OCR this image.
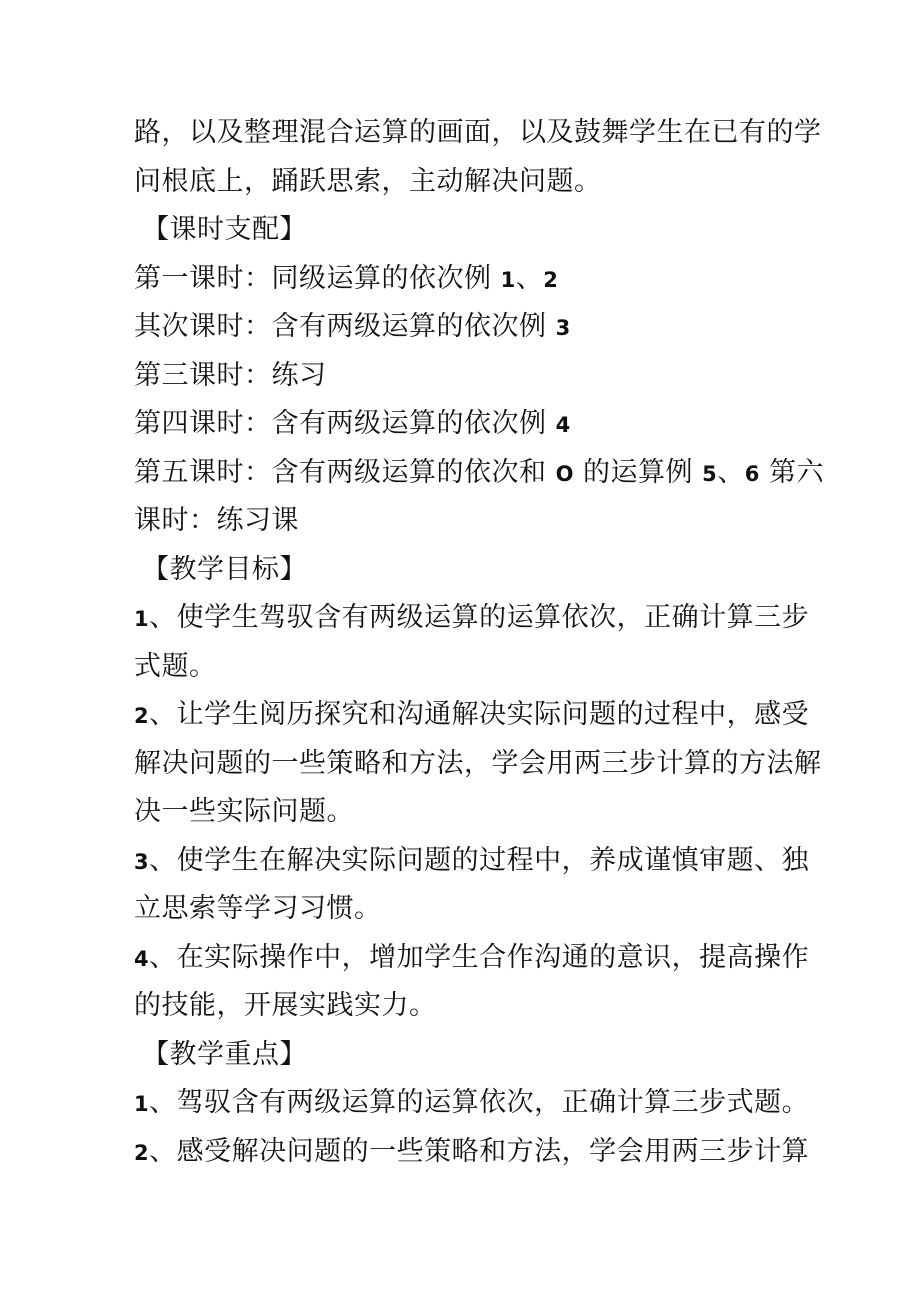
路，以及整理混合运算的画面，以及鼓舞学生在已有的学
问根底上，踊跃思索，主动解决问题。
【课时支配】
第一课时：同级运算的依次例 1、2
其次课时：含有两级运算的依次例 3
第三课时：练习
第四课时：含有两级运算的依次例 4
第五课时：含有两级运算的依次和 O 的运算例 5、6 第六
课时：练习课
【教学目标】
1、使学生驾驭含有两级运算的运算依次，正确计算三步
式题。
2、让学生阅历探究和沟通解决实际问题的过程中，感受
解决问题的一些策略和方法，学会用两三步计算的方法解
决一些实际问题。
3、使学生在解决实际问题的过程中，养成谨慎审题、独
立思索等学习习惯。
4、在实际操作中，增加学生合作沟通的意识，提高操作
的技能，开展实践实力。
【教学重点】
1、驾驭含有两级运算的运算依次，正确计算三步式题。
2、感受解决问题的一些策略和方法，学会用两三步计算
